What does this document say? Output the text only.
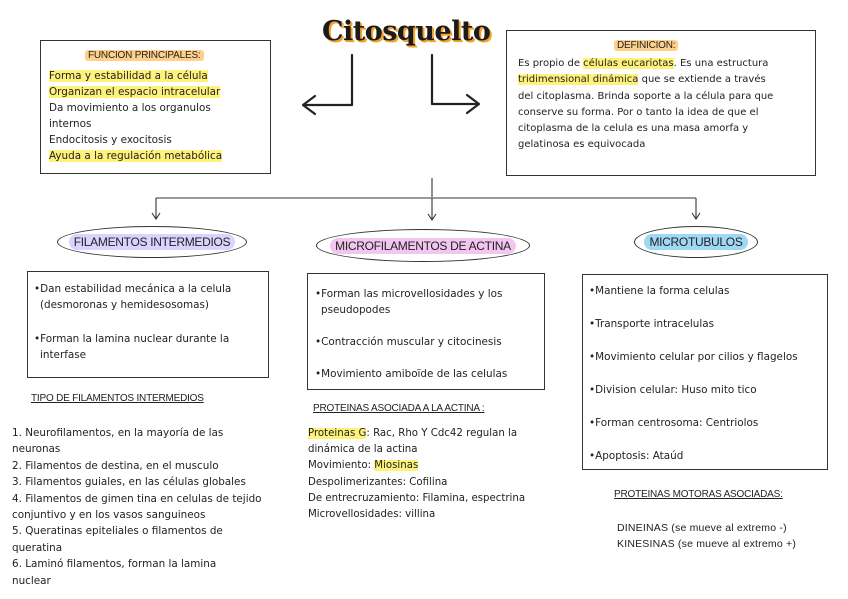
Citosquelto
FUNCION PRINCIPALES:
Forma y estabilidad a la célula
Organizan el espacio intracelular
Da movimiento a los organulos
internos
Endocitosis y exocitosis
Ayuda a la regulación metabólica
DEFINICION:
Es propio de células eucariotas. Es una estructura
tridimensional dinámica que se extiende a través
del citoplasma. Brinda soporte a la célula para que
conserve su forma. Por o tanto la idea de que el
citoplasma de la celula es una masa amorfa y
gelatinosa es equivocada
FILAMENTOS INTERMEDIOS	MICROFILAMENTOS DE ACTINA	MICROTUBULOS
•Dan estabilidad mecánica a la celula
(desmoronas y hemidesosomas)
•Forman la lamina nuclear durante la
interfase
•Forman las microvellosidades y los
pseudopodes
•Contracción muscular y citocinesis
•Movimiento amiboïde de las celulas
•Mantiene la forma celulas
•Transporte intracelulas
•Movimiento celular por cilios y flagelos
•Division celular: Huso mito tico
•Forman centrosoma: Centriolos
•Apoptosis: Ataúd
TIPO DE FILAMENTOS INTERMEDIOS
1. Neurofilamentos, en la mayoría de las
neuronas
2. Filamentos de destina, en el musculo
3. Filamentos guiales, en las células globales
4. Filamentos de gimen tina en celulas de tejido
conjuntivo y en los vasos sanguineos
5. Queratinas epiteliales o filamentos de
queratina
6. Laminó filamentos, forman la lamina
nuclear
PROTEINAS ASOCIADA A LA ACTINA :
Proteinas G: Rac, Rho Y Cdc42 regulan la
dinámica de la actina
Movimiento: Miosinas
Despolimerizantes: Cofilina
De entrecruzamiento: Filamina, espectrina
Microvellosidades: villina
PROTEINAS MOTORAS ASOCIADAS:
DINEINAS (se mueve al extremo -)
KINESINAS (se mueve al extremo +)
